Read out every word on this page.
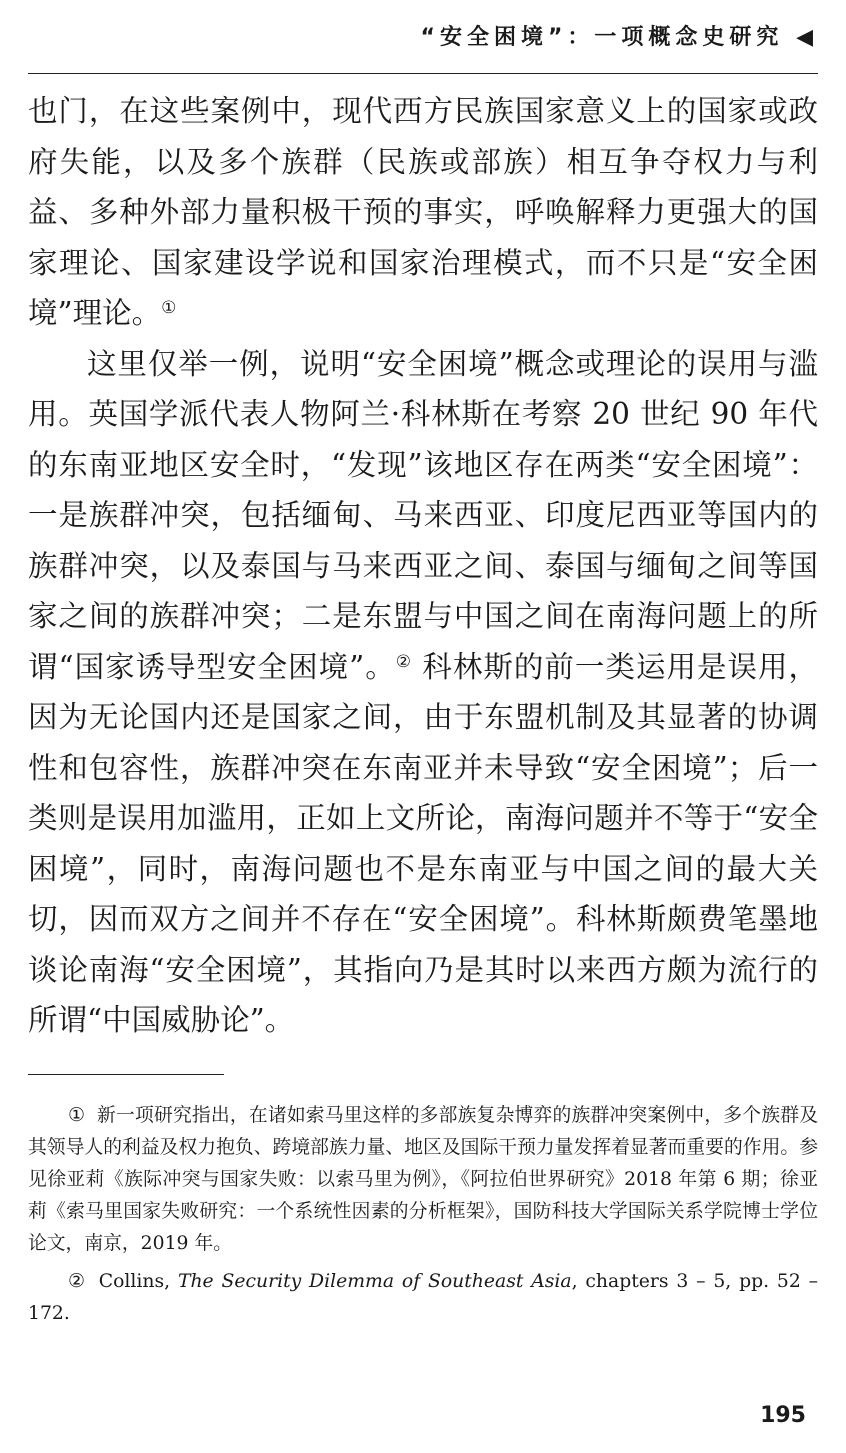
“安全困境”：一项概念史研究 ◀

也门，在这些案例中，现代西方民族国家意义上的国家或政府失能，以及多个族群（民族或部族）相互争夺权力与利益、多种外部力量积极干预的事实，呼唤解释力更强大的国家理论、国家建设学说和国家治理模式，而不只是“安全困境”理论。①

这里仅举一例，说明“安全困境”概念或理论的误用与滥用。英国学派代表人物阿兰·科林斯在考察 20 世纪 90 年代的东南亚地区安全时，“发现”该地区存在两类“安全困境”：一是族群冲突，包括缅甸、马来西亚、印度尼西亚等国内的族群冲突，以及泰国与马来西亚之间、泰国与缅甸之间等国家之间的族群冲突；二是东盟与中国之间在南海问题上的所谓“国家诱导型安全困境”。② 科林斯的前一类运用是误用，因为无论国内还是国家之间，由于东盟机制及其显著的协调性和包容性，族群冲突在东南亚并未导致“安全困境”；后一类则是误用加滥用，正如上文所论，南海问题并不等于“安全困境”，同时，南海问题也不是东南亚与中国之间的最大关切，因而双方之间并不存在“安全困境”。科林斯颇费笔墨地谈论南海“安全困境”，其指向乃是其时以来西方颇为流行的所谓“中国威胁论”。

① 新一项研究指出，在诸如索马里这样的多部族复杂博弈的族群冲突案例中，多个族群及其领导人的利益及权力抱负、跨境部族力量、地区及国际干预力量发挥着显著而重要的作用。参见徐亚莉《族际冲突与国家失败：以索马里为例》，《阿拉伯世界研究》2018 年第 6 期；徐亚莉《索马里国家失败研究：一个系统性因素的分析框架》，国防科技大学国际关系学院博士学位论文，南京，2019 年。

② Collins, The Security Dilemma of Southeast Asia, chapters 3 – 5, pp. 52 – 172.

195
